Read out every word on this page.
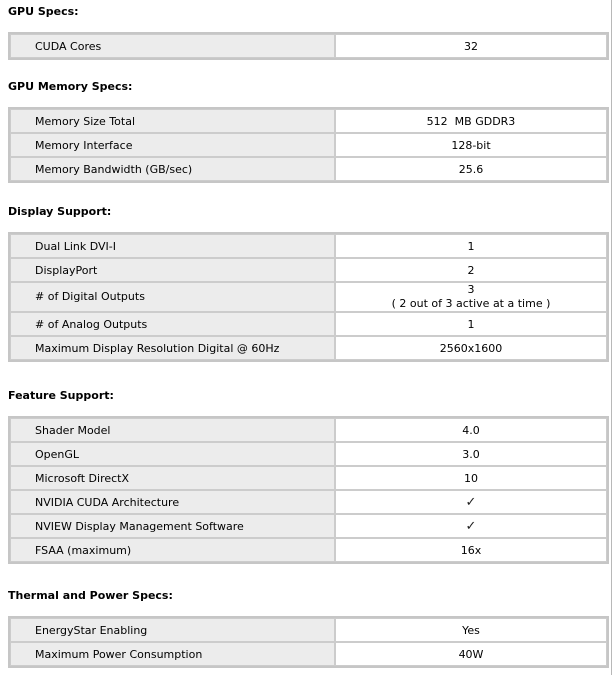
GPU Specs:
CUDA Cores	32
GPU Memory Specs:
Memory Size Total	512  MB GDDR3
Memory Interface	128-bit
Memory Bandwidth (GB/sec)	25.6
Display Support:
Dual Link DVI-I	1
DisplayPort	2
# of Digital Outputs	3
( 2 out of 3 active at a time )

# of Analog Outputs	1
Maximum Display Resolution Digital @ 60Hz	2560x1600
Feature Support:
Shader Model	4.0
OpenGL	3.0
Microsoft DirectX	10
NVIDIA CUDA Architecture	✓
NVIEW Display Management Software	✓
FSAA (maximum)	16x
Thermal and Power Specs:
EnergyStar Enabling	Yes
Maximum Power Consumption	40W
